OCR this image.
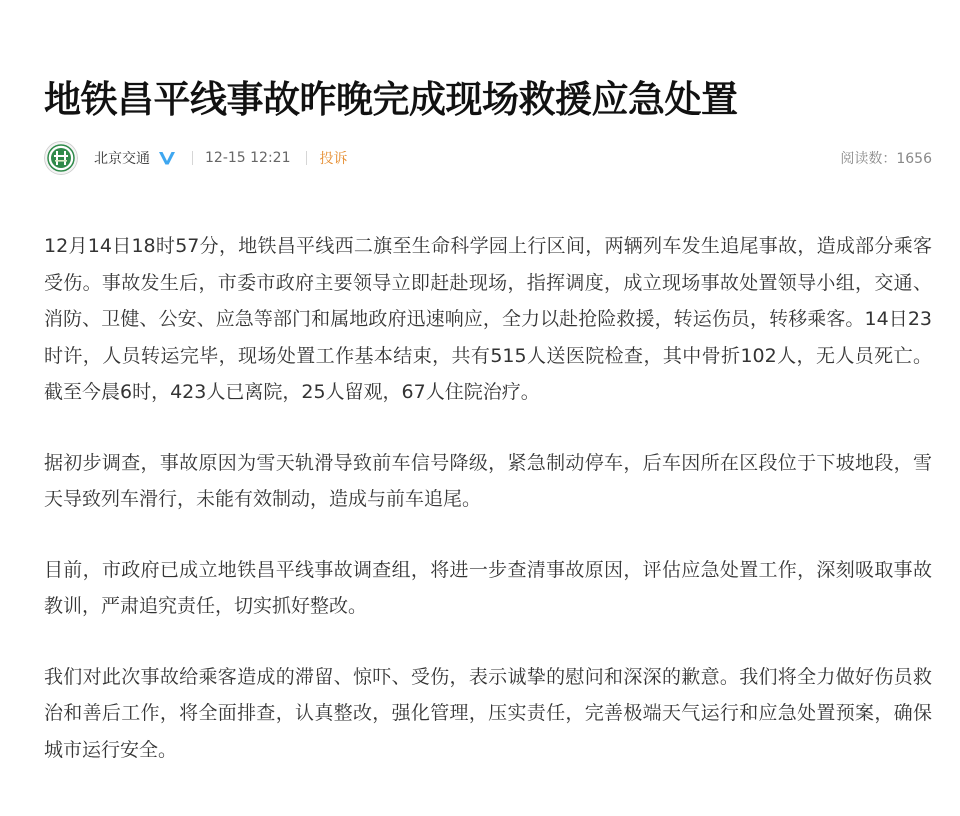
地铁昌平线事故昨晚完成现场救援应急处置
北京交通	12-15 12:21 投诉	阅读数：1656

12月14日18时57分，地铁昌平线西二旗至生命科学园上行区间，两辆列车发生追尾事故，造成部分乘客受伤。事故发生后，市委市政府主要领导立即赶赴现场，指挥调度，成立现场事故处置领导小组，交通、消防、卫健、公安、应急等部门和属地政府迅速响应，全力以赴抢险救援，转运伤员，转移乘客。14日23时许，人员转运完毕，现场处置工作基本结束，共有515人送医院检查，其中骨折102人，无人员死亡。截至今晨6时，423人已离院，25人留观，67人住院治疗。

据初步调查，事故原因为雪天轨滑导致前车信号降级，紧急制动停车，后车因所在区段位于下坡地段，雪天导致列车滑行，未能有效制动，造成与前车追尾。

目前，市政府已成立地铁昌平线事故调查组，将进一步查清事故原因，评估应急处置工作，深刻吸取事故教训，严肃追究责任，切实抓好整改。

我们对此次事故给乘客造成的滞留、惊吓、受伤，表示诚挚的慰问和深深的歉意。我们将全力做好伤员救治和善后工作，将全面排查，认真整改，强化管理，压实责任，完善极端天气运行和应急处置预案，确保城市运行安全。
